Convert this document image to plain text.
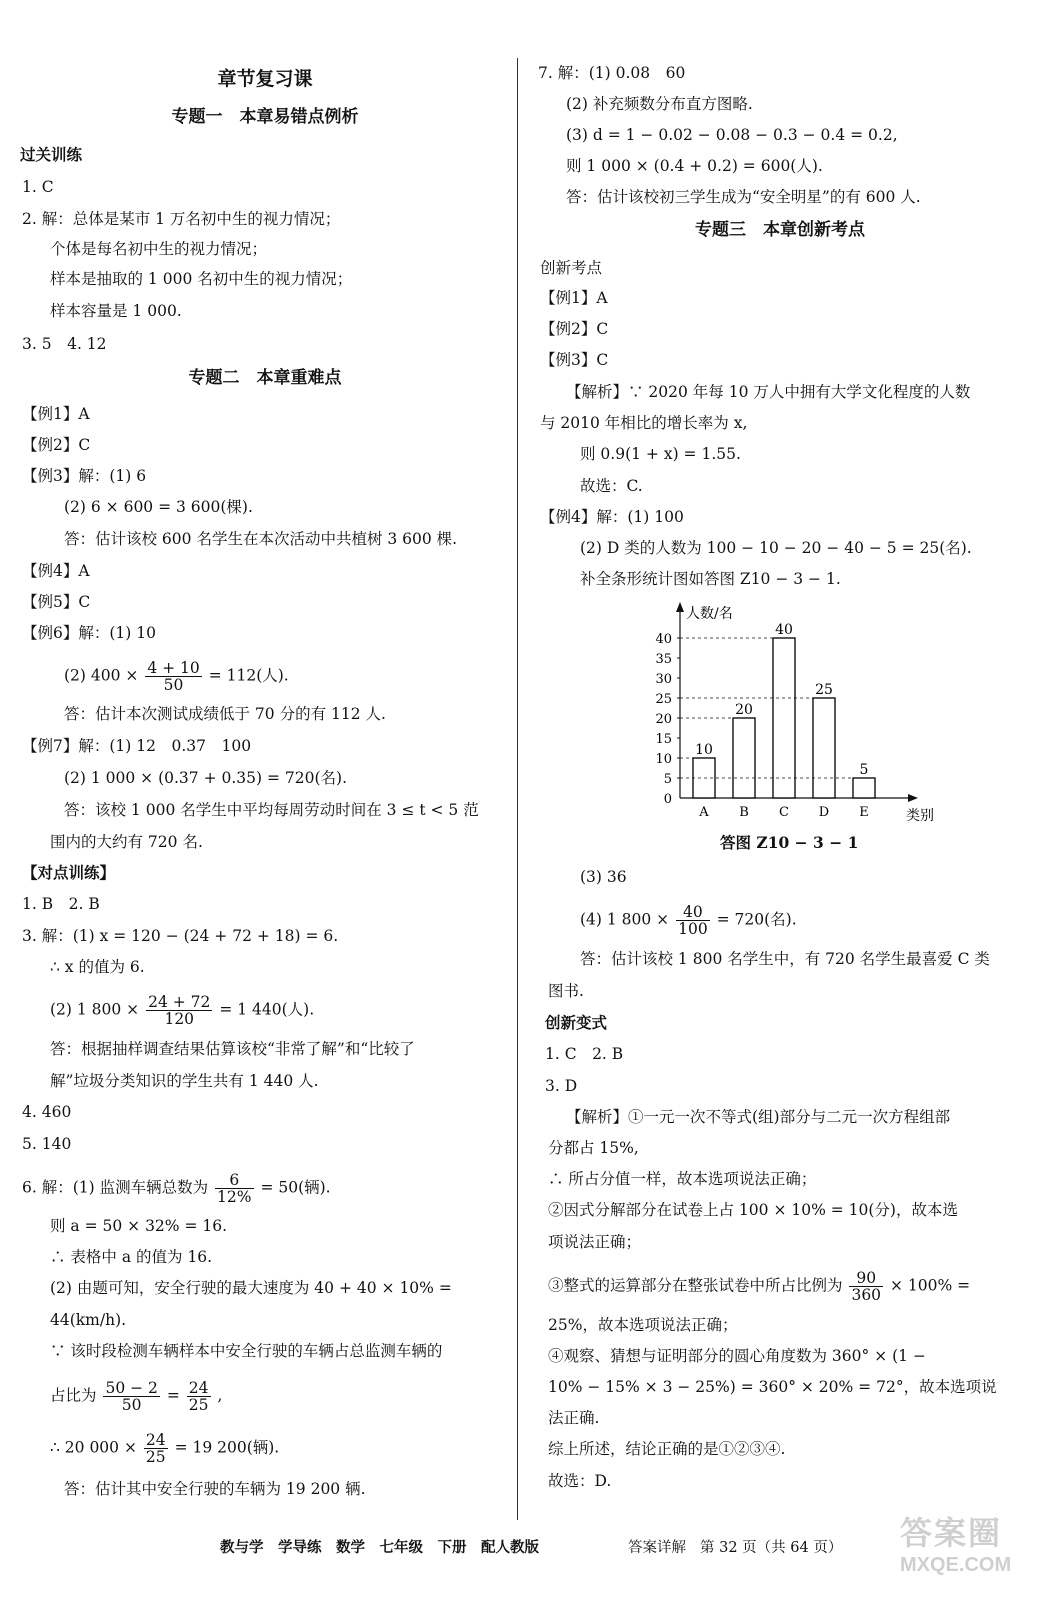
章节复习课
专题一　本章易错点例析
过关训练
1. C
2. 解：总体是某市 1 万名初中生的视力情况；
个体是每名初中生的视力情况；
样本是抽取的 1 000 名初中生的视力情况；
样本容量是 1 000.
3. 5　4. 12
专题二　本章重难点
【例1】A
【例2】C
【例3】解：(1) 6
(2) 6 × 600 = 3 600(棵).
答：估计该校 600 名学生在本次活动中共植树 3 600 棵.
【例4】A
【例5】C
【例6】解：(1) 10
(2) $400 \times \frac{4 + 10}{50} = 112$(人).
答：估计本次测试成绩低于 70 分的有 112 人.
【例7】解：(1) 12　0.37　100
(2) 1 000 × (0.37 + 0.35) = 720(名).
答：该校 1 000 名学生中平均每周劳动时间在 3 ≤ t < 5 范
围内的大约有 720 名.
【对点训练】
1. B　2. B
3. 解：(1) x = 120 − (24 + 72 + 18) = 6.
∴ x 的值为 6.
(2) 1 $800 \times \frac{24 + 72}{120} = 1$ 440(人).
答：根据抽样调查结果估算该校“非常了解”和“比较了
解”垃圾分类知识的学生共有 1 440 人.
4. 460
5. 140
6. 解：(1) 监测车辆总数为 $\frac{6}{12\%} = 50$(辆).
则 a = 50 × 32% = 16.
∴ 表格中 a 的值为 16.
(2) 由题可知，安全行驶的最大速度为 40 + 40 × 10% =
44(km/h).
∵ 该时段检测车辆样本中安全行驶的车辆占总监测车辆的
占比为 $\frac{50 - 2}{50} = \frac{24}{25}$ ,
∴ 20 $000 \times \frac{24}{25} = 19$ 200(辆).
答：估计其中安全行驶的车辆为 19 200 辆.
7. 解：(1) 0.08　60
(2) 补充频数分布直方图略.
(3) d = 1 − 0.02 − 0.08 − 0.3 − 0.4 = 0.2,
则 1 000 × (0.4 + 0.2) = 600(人).
答：估计该校初三学生成为“安全明星”的有 600 人.
专题三　本章创新考点
创新考点
【例1】A
【例2】C
【例3】C
【解析】∵ 2020 年每 10 万人中拥有大学文化程度的人数
与 2010 年相比的增长率为 x,
则 0.9(1 + x) = 1.55.
故选：C.
【例4】解：(1) 100
(2) D 类的人数为 100 − 10 − 20 − 40 − 5 = 25(名).
补全条形统计图如答图 Z10 − 3 − 1.
0
5
10
15
20
25
30
35
40
人数/名
类别
10
A
20
B
40
C
25
D
5
E
答图 Z10 − 3 − 1
(3) 36
(4) 1 $800 \times \frac{40}{100} = 720$(名).
答：估计该校 1 800 名学生中，有 720 名学生最喜爱 C 类
图书.
创新变式
1. C　2. B
3. D
【解析】①一元一次不等式(组)部分与二元一次方程组部
分都占 15%,
∴ 所占分值一样，故本选项说法正确；
②因式分解部分在试卷上占 100 × 10% = 10(分)，故本选
项说法正确；
③整式的运算部分在整张试卷中所占比例为 $\frac{90}{360} \times 100\%$ =
25%，故本选项说法正确；
④观察、猜想与证明部分的圆心角度数为 360° × (1 −
10% − 15% × 3 − 25%) = 360° × 20% = 72°，故本选项说
法正确.
综上所述，结论正确的是①②③④.
故选：D.
教与学　学导练　数学　七年级　下册　配人教版	答案详解 第 32 页（共 64 页） 答案圈
MXQE.COM
